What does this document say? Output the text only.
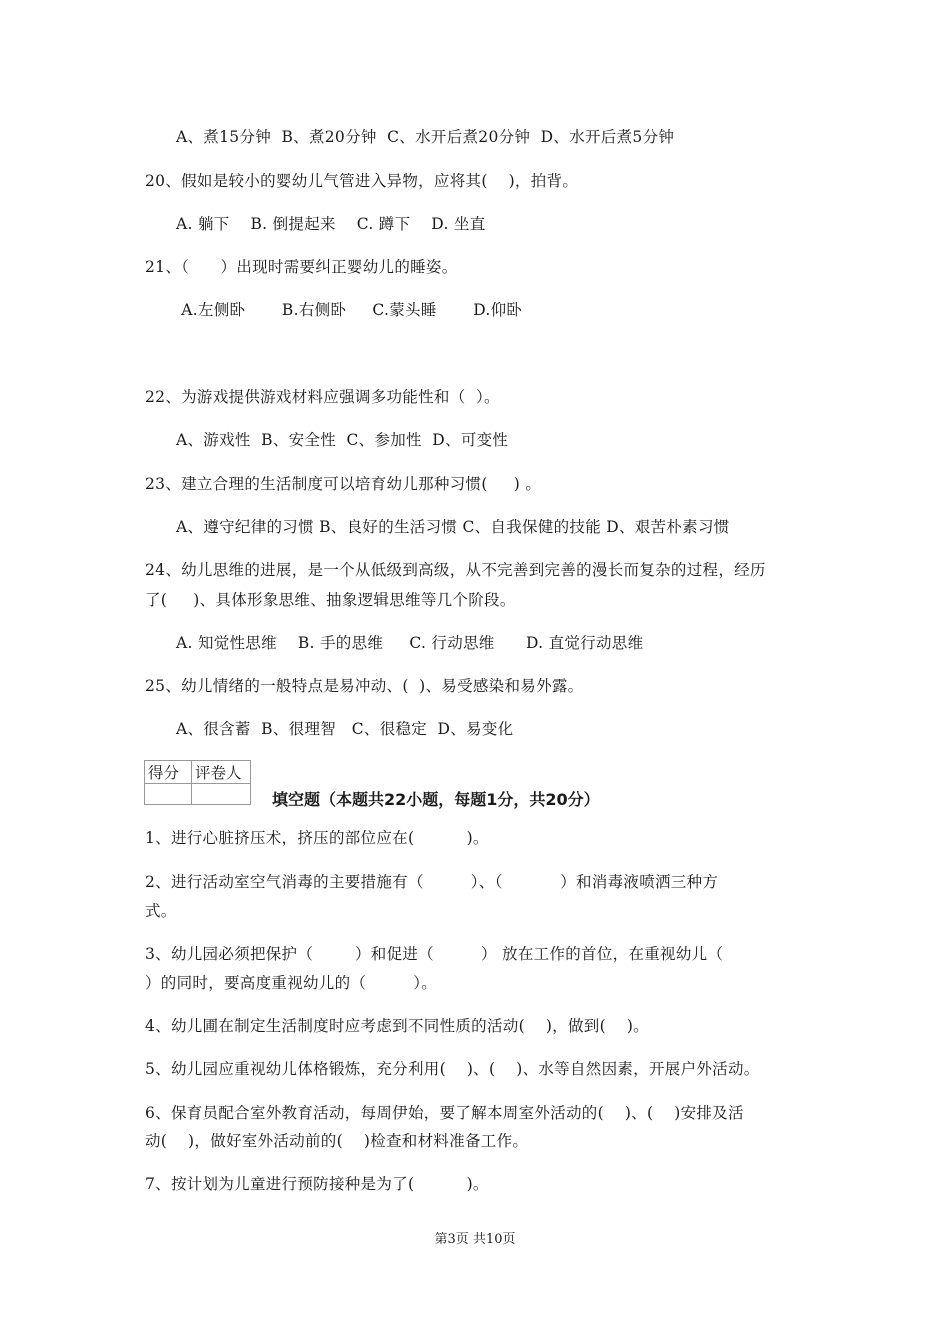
A、煮15分钟  B、煮20分钟  C、水开后煮20分钟  D、水开后煮5分钟
20、假如是较小的婴幼儿气管进入异物，应将其(    )，拍背。
A. 躺下    B. 倒提起来    C. 蹲下    D. 坐直
21、（      ）出现时需要纠正婴幼儿的睡姿。
A.左侧卧       B.右侧卧     C.蒙头睡       D.仰卧
22、为游戏提供游戏材料应强调多功能性和（  ）。
A、游戏性  B、安全性  C、参加性  D、可变性
23、建立合理的生活制度可以培育幼儿那种习惯(     ) 。
A、遵守纪律的习惯 B、良好的生活习惯 C、自我保健的技能 D、艰苦朴素习惯
24、幼儿思维的进展，是一个从低级到高级，从不完善到完善的漫长而复杂的过程，经历
了(     )、具体形象思维、抽象逻辑思维等几个阶段。
A. 知觉性思维    B. 手的思维     C. 行动思维      D. 直觉行动思维
25、幼儿情绪的一般特点是易冲动、(  )、易受感染和易外露。
A、很含蓄  B、很理智   C、很稳定  D、易变化
得分	评卷人

填空题（本题共22小题，每题1分，共20分）
1、进行心脏挤压术，挤压的部位应在(          )。
2、进行活动室空气消毒的主要措施有（         ）、（           ）和消毒液喷洒三种方
式。
3、幼儿园必须把保护（        ）和促进（         ） 放在工作的首位，在重视幼儿（
）的同时，要高度重视幼儿的（         ）。
4、幼儿圃在制定生活制度时应考虑到不同性质的活动(    )，做到(    )。
5、幼儿园应重视幼儿体格锻炼，充分利用(    )、(    )、水等自然因素，开展户外活动。
6、保育员配合室外教育活动，每周伊始，要了解本周室外活动的(    )、(    )安排及活
动(    )，做好室外活动前的(    )检查和材料准备工作。
7、按计划为儿童进行预防接种是为了(          )。
第3页 共10页
